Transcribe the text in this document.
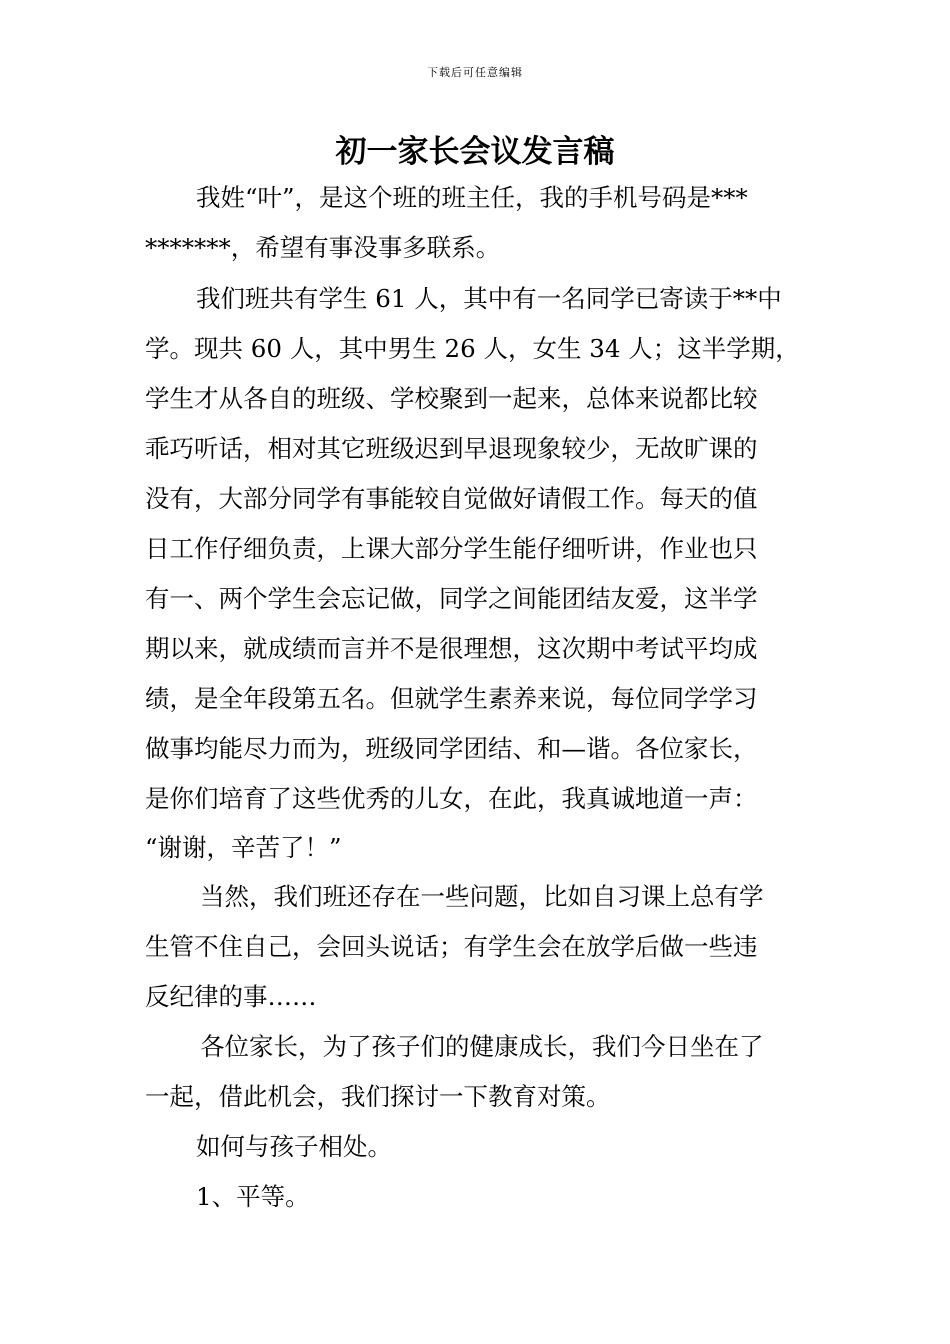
下载后可任意编辑
初一家长会议发言稿
我姓“叶”，是这个班的班主任，我的手机号码是***
*******，希望有事没事多联系。
我们班共有学生 61 人，其中有一名同学已寄读于**中
学。现共 60 人，其中男生 26 人，女生 34 人；这半学期，
学生才从各自的班级、学校聚到一起来，总体来说都比较
乖巧听话，相对其它班级迟到早退现象较少，无故旷课的
没有，大部分同学有事能较自觉做好请假工作。每天的值
日工作仔细负责，上课大部分学生能仔细听讲，作业也只
有一、两个学生会忘记做，同学之间能团结友爱，这半学
期以来，就成绩而言并不是很理想，这次期中考试平均成
绩，是全年段第五名。但就学生素养来说，每位同学学习
做事均能尽力而为，班级同学团结、和—谐。各位家长，
是你们培育了这些优秀的儿女，在此，我真诚地道一声：
“谢谢，辛苦了！”
当然，我们班还存在一些问题，比如自习课上总有学
生管不住自己，会回头说话；有学生会在放学后做一些违
反纪律的事……
各位家长，为了孩子们的健康成长，我们今日坐在了
一起，借此机会，我们探讨一下教育对策。
如何与孩子相处。
1、平等。
